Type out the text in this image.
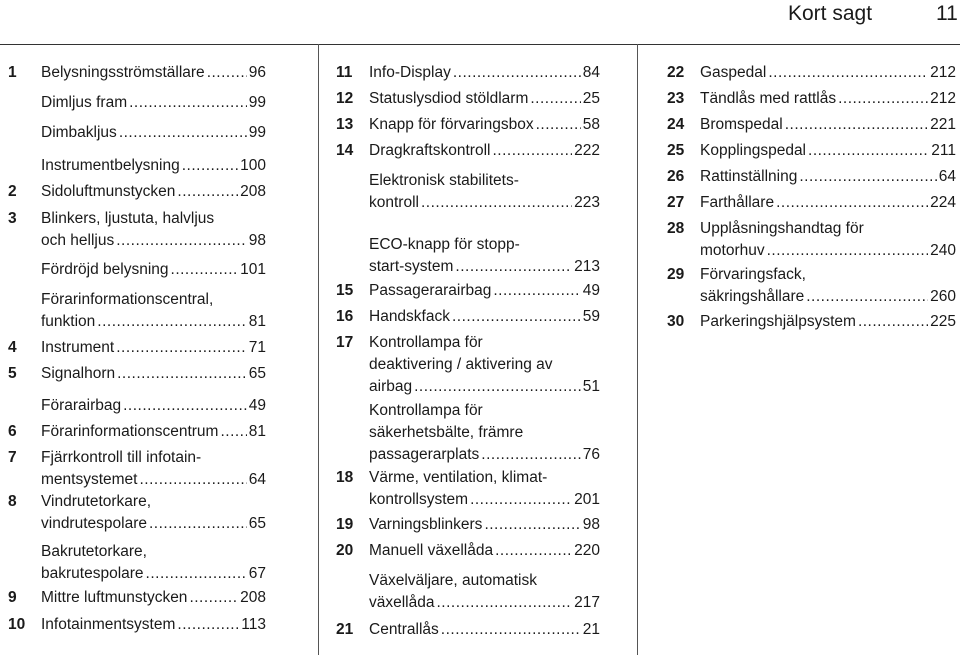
Kort sagt	11
1	Belysningsströmställare .....	96
Dimljus fram .....	99
Dimbakljus .....	99
Instrumentbelysning .....	100
2	Sidoluftmunstycken .....	208
3	Blinkers, ljustuta, halvljus
och helljus .....	98
Fördröjd belysning .....	101
Förarinformationscentral,
funktion .....	81
4	Instrument .....	71
5	Signalhorn .....	65
Förarairbag .....	49
6	Förarinformationscentrum ..... 81
7	Fjärrkontroll till infotain-
mentsystemet .....	64
8	Vindrutetorkare,
vindrutespolare .....	65
Bakrutetorkare,
bakrutespolare .....	67
9	Mittre luftmunstycken .....	208
10	Infotainmentsystem .....	113
11	Info-Display .....	84
12	Statuslysdiod stöldlarm .....	25
13	Knapp för förvaringsbox .....	58
14	Dragkraftskontroll .....	222
Elektronisk stabilitets-
kontroll .....	223
ECO-knapp för stopp-
start-system .....	213
15	Passagerarairbag .....	49
16	Handskfack .....	59
17	Kontrollampa för
deaktivering / aktivering av
airbag .....	51
Kontrollampa för
säkerhetsbälte, främre
passagerarplats .....	76
18	Värme, ventilation, klimat-
kontrollsystem .....	201
19	Varningsblinkers .....	98
20	Manuell växellåda .....	220
Växelväljare, automatisk
växellåda .....	217
21	Centrallås .....	21
22	Gaspedal .....	212
23	Tändlås med rattlås .....	212
24	Bromspedal .....	221
25	Kopplingspedal .....	211
26	Rattinställning .....	64
27	Farthållare .....	224
28	Upplåsningshandtag för
motorhuv .....	240
29	Förvaringsfack,
säkringshållare .....	260
30	Parkeringshjälpsystem .....	225
